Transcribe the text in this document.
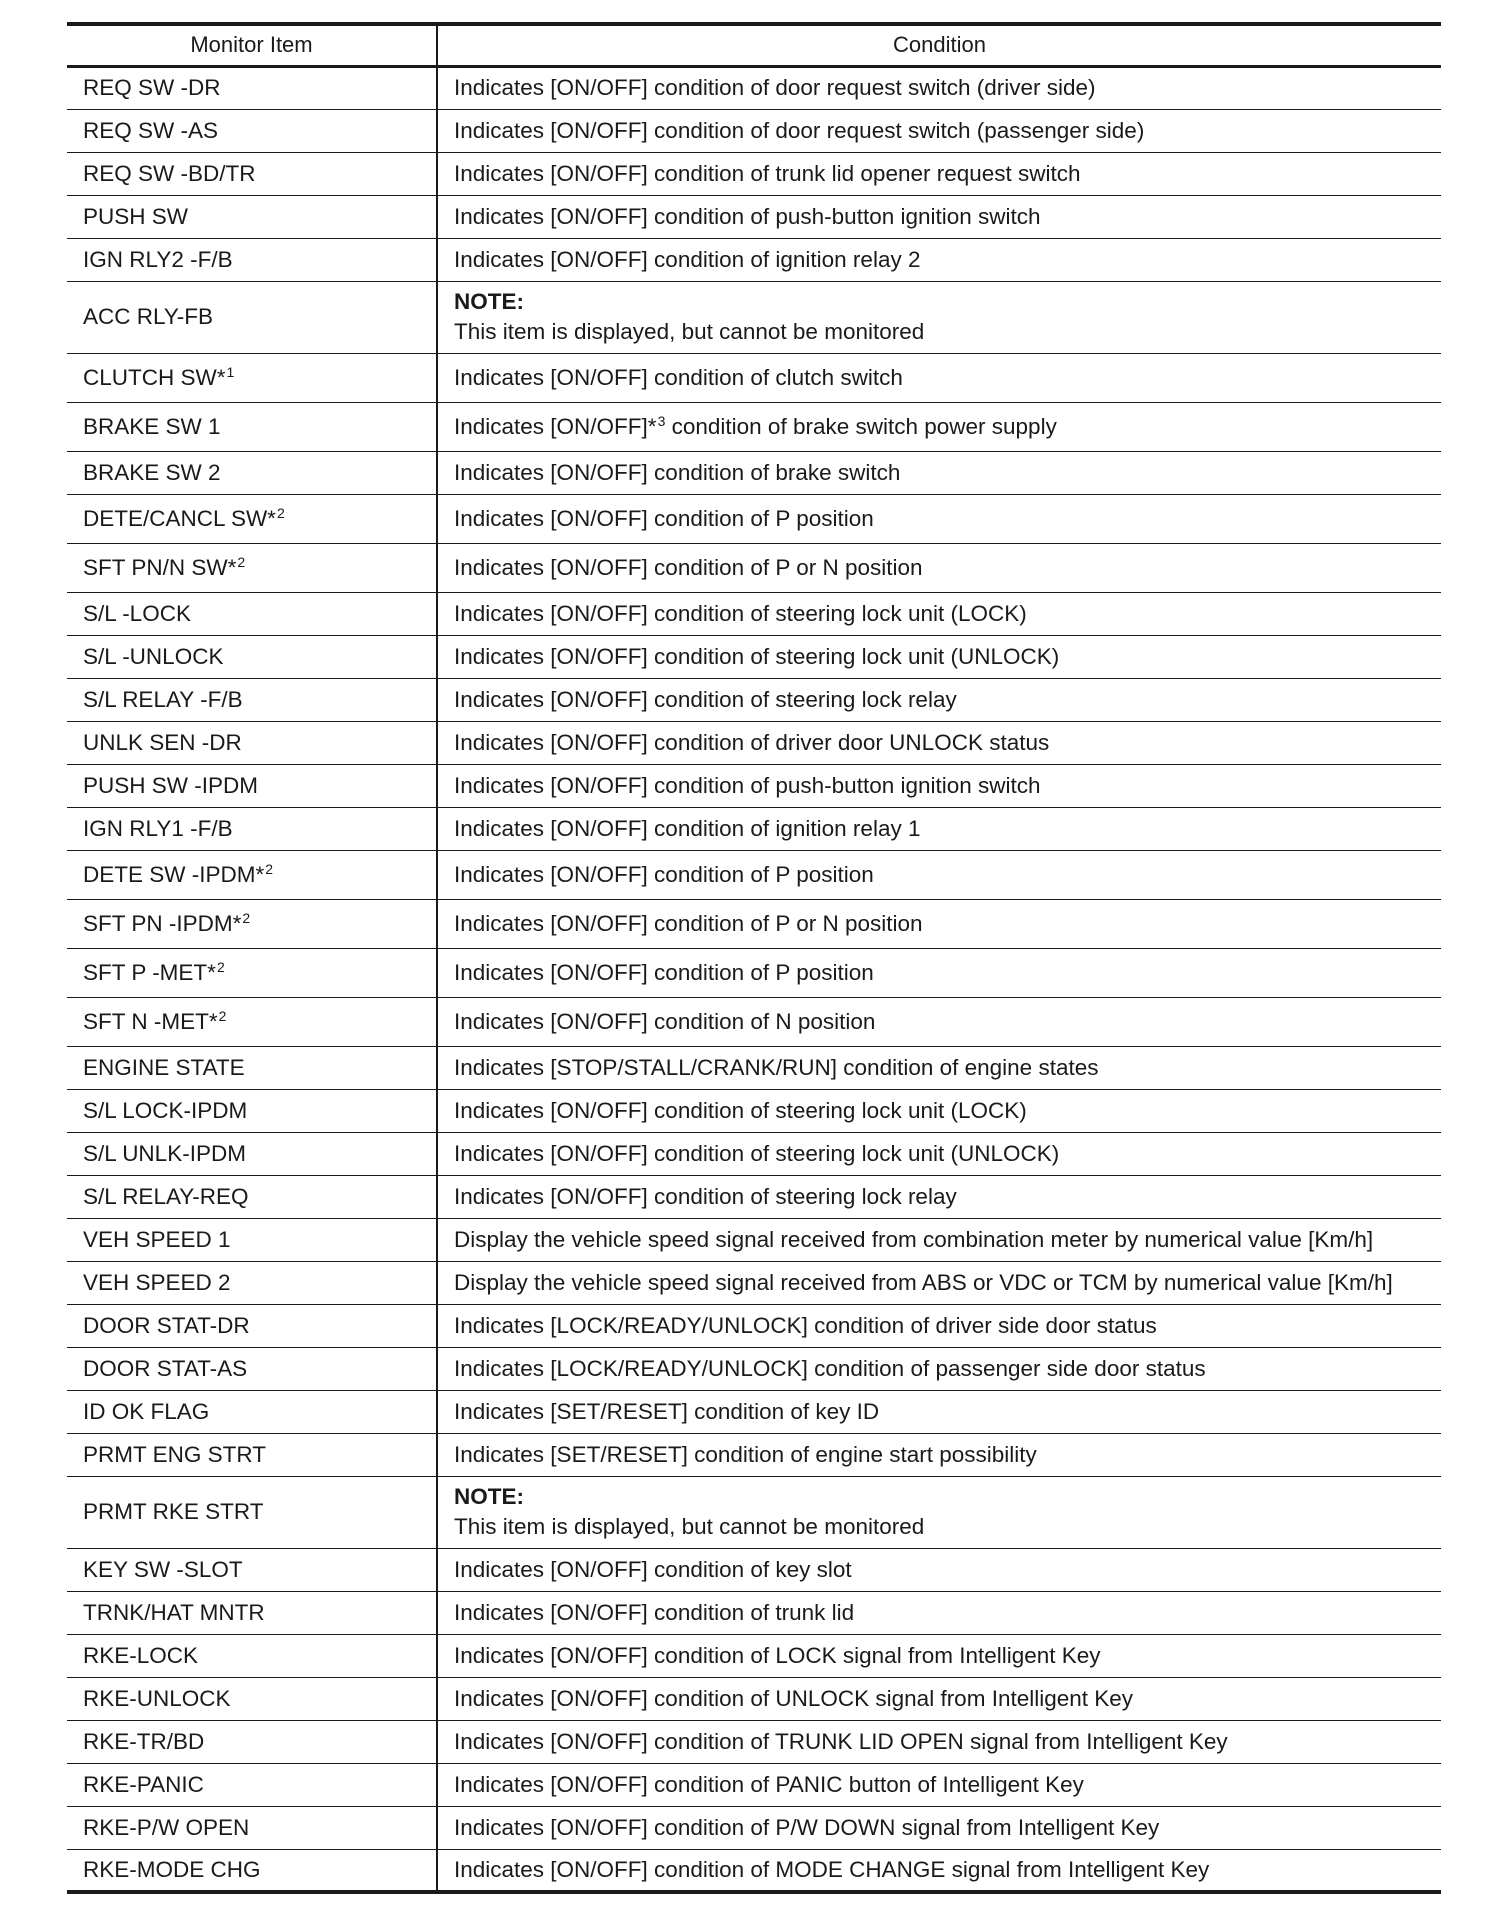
Monitor Item	Condition
REQ SW -DR	Indicates [ON/OFF] condition of door request switch (driver side)
REQ SW -AS	Indicates [ON/OFF] condition of door request switch (passenger side)
REQ SW -BD/TR	Indicates [ON/OFF] condition of trunk lid opener request switch
PUSH SW	Indicates [ON/OFF] condition of push-button ignition switch
IGN RLY2 -F/B	Indicates [ON/OFF] condition of ignition relay 2
ACC RLY-FB	NOTE:
This item is displayed, but cannot be monitored

CLUTCH SW*$^1$	Indicates [ON/OFF] condition of clutch switch
BRAKE SW 1	Indicates [ON/OFF]*$^3$ condition of brake switch power supply
BRAKE SW 2	Indicates [ON/OFF] condition of brake switch
DETE/CANCL SW*$^2$	Indicates [ON/OFF] condition of P position
SFT PN/N SW*$^2$	Indicates [ON/OFF] condition of P or N position
S/L -LOCK	Indicates [ON/OFF] condition of steering lock unit (LOCK)
S/L -UNLOCK	Indicates [ON/OFF] condition of steering lock unit (UNLOCK)
S/L RELAY -F/B	Indicates [ON/OFF] condition of steering lock relay
UNLK SEN -DR	Indicates [ON/OFF] condition of driver door UNLOCK status
PUSH SW -IPDM	Indicates [ON/OFF] condition of push-button ignition switch
IGN RLY1 -F/B	Indicates [ON/OFF] condition of ignition relay 1
DETE SW -IPDM*$^2$	Indicates [ON/OFF] condition of P position
SFT PN -IPDM*$^2$	Indicates [ON/OFF] condition of P or N position
SFT P -MET*$^2$	Indicates [ON/OFF] condition of P position
SFT N -MET*$^2$	Indicates [ON/OFF] condition of N position
ENGINE STATE	Indicates [STOP/STALL/CRANK/RUN] condition of engine states
S/L LOCK-IPDM	Indicates [ON/OFF] condition of steering lock unit (LOCK)
S/L UNLK-IPDM	Indicates [ON/OFF] condition of steering lock unit (UNLOCK)
S/L RELAY-REQ	Indicates [ON/OFF] condition of steering lock relay
VEH SPEED 1	Display the vehicle speed signal received from combination meter by numerical value [Km/h]
VEH SPEED 2	Display the vehicle speed signal received from ABS or VDC or TCM by numerical value [Km/h]
DOOR STAT-DR	Indicates [LOCK/READY/UNLOCK] condition of driver side door status
DOOR STAT-AS	Indicates [LOCK/READY/UNLOCK] condition of passenger side door status
ID OK FLAG	Indicates [SET/RESET] condition of key ID
PRMT ENG STRT	Indicates [SET/RESET] condition of engine start possibility
PRMT RKE STRT	NOTE:
This item is displayed, but cannot be monitored

KEY SW -SLOT	Indicates [ON/OFF] condition of key slot
TRNK/HAT MNTR	Indicates [ON/OFF] condition of trunk lid
RKE-LOCK	Indicates [ON/OFF] condition of LOCK signal from Intelligent Key
RKE-UNLOCK	Indicates [ON/OFF] condition of UNLOCK signal from Intelligent Key
RKE-TR/BD	Indicates [ON/OFF] condition of TRUNK LID OPEN signal from Intelligent Key
RKE-PANIC	Indicates [ON/OFF] condition of PANIC button of Intelligent Key
RKE-P/W OPEN	Indicates [ON/OFF] condition of P/W DOWN signal from Intelligent Key
RKE-MODE CHG	Indicates [ON/OFF] condition of MODE CHANGE signal from Intelligent Key
